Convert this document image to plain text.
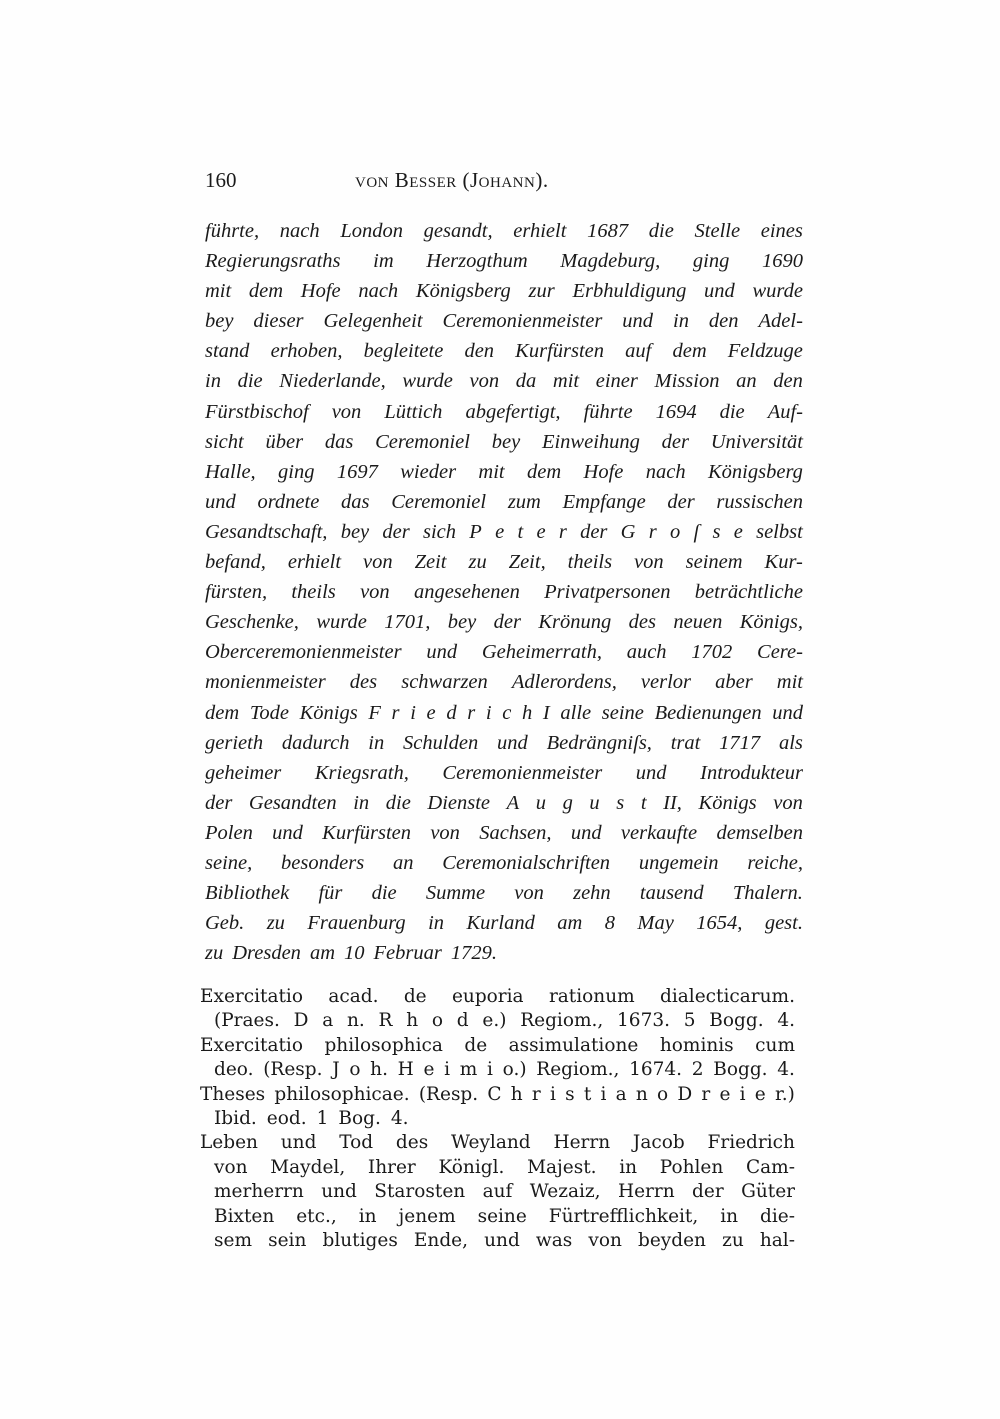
160	von Besser (Johann).
führte, nach London gesandt, erhielt 1687 die Stelle eines
Regierungsraths im Herzogthum Magdeburg, ging 1690
mit dem Hofe nach Königsberg zur Erbhuldigung und wurde
bey dieser Gelegenheit Ceremonienmeister und in den Adel-
stand erhoben, begleitete den Kurfürsten auf dem Feldzuge
in die Niederlande, wurde von da mit einer Mission an den
Fürstbischof von Lüttich abgefertigt, führte 1694 die Auf-
sicht über das Ceremoniel bey Einweihung der Universität
Halle, ging 1697 wieder mit dem Hofe nach Königsberg
und ordnete das Ceremoniel zum Empfange der russischen
Gesandtschaft, bey der sich P e t e r der G r o ſ s e selbst
befand, erhielt von Zeit zu Zeit, theils von seinem Kur-
fürsten, theils von angesehenen Privatpersonen beträchtliche
Geschenke, wurde 1701, bey der Krönung des neuen Königs,
Oberceremonienmeister und Geheimerrath, auch 1702 Cere-
monienmeister des schwarzen Adlerordens, verlor aber mit
dem Tode Königs F r i e d r i c h I alle seine Bedienungen und
gerieth dadurch in Schulden und Bedrängniſs, trat 1717 als
geheimer Kriegsrath, Ceremonienmeister und Introdukteur
der Gesandten in die Dienste A u g u s t II, Königs von
Polen und Kurfürsten von Sachsen, und verkaufte demselben
seine, besonders an Ceremonialschriften ungemein reiche,
Bibliothek für die Summe von zehn tausend Thalern.
Geb. zu Frauenburg in Kurland am 8 May 1654, gest.
zu Dresden am 10 Februar 1729.
Exercitatio acad. de euporia rationum dialecticarum.
(Praes. D a n. R h o d e.) Regiom., 1673. 5 Bogg. 4.
Exercitatio philosophica de assimulatione hominis cum
deo. (Resp. J o h. H e i m i o.) Regiom., 1674. 2 Bogg. 4.
Theses philosophicae. (Resp. C h r i s t i a n o D r e i e r.)
Ibid. eod. 1 Bog. 4.
Leben und Tod des Weyland Herrn Jacob Friedrich
von Maydel, Ihrer Königl. Majest. in Pohlen Cam-
merherrn und Starosten auf Wezaiz, Herrn der Güter
Bixten etc., in jenem seine Fürtrefflichkeit, in die-
sem sein blutiges Ende, und was von beyden zu hal-
